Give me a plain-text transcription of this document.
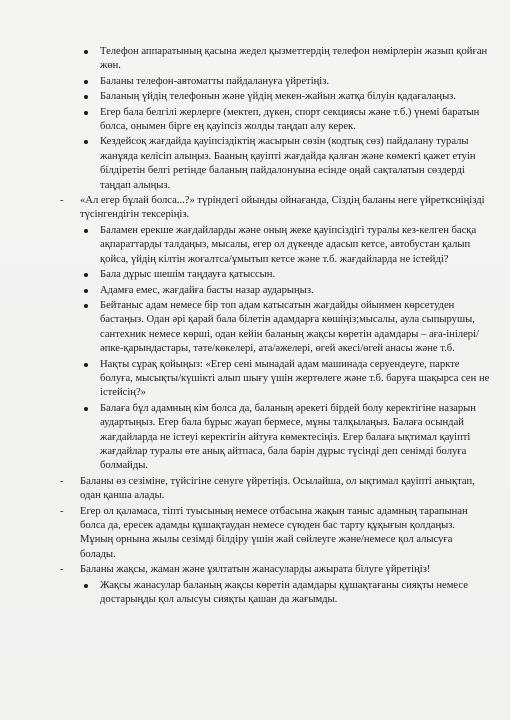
Телефон аппаратының қасына жедел қызметтердің телефон нөмірлерін жазып қойған жөн.
Баланы телефон-автоматты пайдалануға үйретіңіз.
Баланың үйдің телефонын және үйдің мекен-жайын жатқа білуін қадағалаңыз.
Егер бала белгілі жерлерге (мектеп, дүкен, спорт секциясы және т.б.) үнемі баратын болса, онымен бірге ең қауіпсіз жолды таңдап алу керек.
Кездейсоқ жағдайда қауіпсіздіктің жасырын сөзін (кодтық сөз) пайдалану туралы жанұяда келісіп алыңыз. Бааның қауіпті жағдайда қалған және көмекті қажет етуін білдіретін белгі ретінде баланың пайдалонуына есінде оңай сақталатын сөздерді таңдап алыңыз.
- «Ал егер бұлай болса...?» түріндегі ойынды ойнағанда, Сіздің баланы неге үйретксніңізді түсінгендігін тексеріңіз.
Баламен ерекше жағдайларды және оның жеке қауіпсіздігі туралы кез-келген басқа ақпараттарды талдаңыз, мысалы, егер ол дүкенде адасып кетсе, автобустан қалып қойса, үйдің кілтін жоғалтса/ұмытып кетсе және т.б. жағдайларда не істейді?
Бала дұрыс шешім таңдауға қатыссын.
Адамға емес, жағдайға басты назар аударыңыз.
Бейтаныс адам немесе бір топ адам катысатын жағдайды ойынмен көрсетуден бастаңыз. Одан әрі қарай бала білетін адамдарға көшіңіз;мысалы, аула сыпырушы, сантехник немесе көрші, одан кейін баланың жақсы көретін адамдары – аға-інілері/әпке-қарындастары, тәте/көкелері, ата/әжелері, өгей әкесі/өгей анасы және т.б.
Нақты сұрақ қойыңыз: «Егер сені мынадай адам машинада серуендеуге, паркте болуға, мысықты/күшікті алып шығу үшін жертөлеге және т.б. баруға шақырса сен не істейсің?»
Балаға бұл адамның кім болса да, баланың әрекеті бірдей болу керектігіне назарын аудартыңыз. Егер бала бұрыс жауап бермесе, мұны талқылаңыз. Балаға осындай жағдайларда не істеуі керектігін айтуға көмектесіңіз. Егер балаға ықтимал қауіпті жағдайлар туралы өте анық айтпаса, бала барін дұрыс түсінді деп сенімді болуға болмайды.
- Баланы өз сезіміне, түйсігіне сенуге үйретіңіз. Осылайша, ол ықтимал қауіпті анықтап, одан қанша алады.
- Егер ол қаламаса, тіпті туысының немесе отбасына жақын таныс адамның тарапынан болса да, ересек адамды құшақтаудан немесе сүюден бас тарту құқығын қолдаңыз. Мұның орнына жылы сезімді білдіру үшін жай сөйлеуге және/немесе қол алысуға болады.
- Баланы жақсы, жаман және ұялтатын жанасуларды ажырата білуге үйретіңіз!
Жақсы жанасулар баланың жақсы көретін адамдары құшақтағаны сияқты немесе достарыңды қол алысуы сияқты қашан да жағымды.
